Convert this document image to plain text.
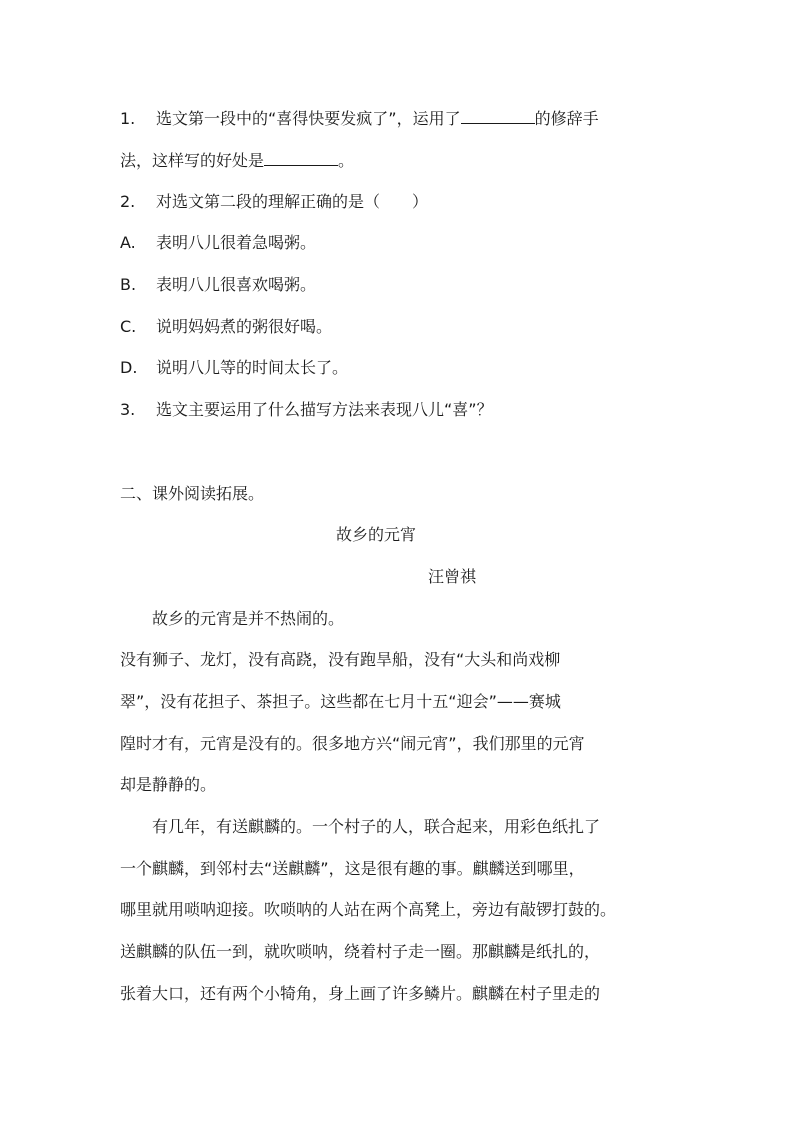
1. 选文第一段中的“喜得快要发疯了”，运用了	的修辞手
法，这样写的好处是	。
2. 对选文第二段的理解正确的是（　　）
A. 表明八儿很着急喝粥。
B. 表明八儿很喜欢喝粥。
C. 说明妈妈煮的粥很好喝。
D. 说明八儿等的时间太长了。
3. 选文主要运用了什么描写方法来表现八儿“喜”？
二、课外阅读拓展。
故乡的元宵
汪曾祺
　　故乡的元宵是并不热闹的。
没有狮子、龙灯，没有高跷，没有跑旱船，没有“大头和尚戏柳
翠”，没有花担子、茶担子。这些都在七月十五“迎会”——赛城
隍时才有，元宵是没有的。很多地方兴“闹元宵”，我们那里的元宵
却是静静的。
　　有几年，有送麒麟的。一个村子的人，联合起来，用彩色纸扎了
一个麒麟，到邻村去“送麒麟”，这是很有趣的事。麒麟送到哪里，
哪里就用唢呐迎接。吹唢呐的人站在两个高凳上，旁边有敲锣打鼓的。
送麒麟的队伍一到，就吹唢呐，绕着村子走一圈。那麒麟是纸扎的，
张着大口，还有两个小犄角，身上画了许多鳞片。麒麟在村子里走的
